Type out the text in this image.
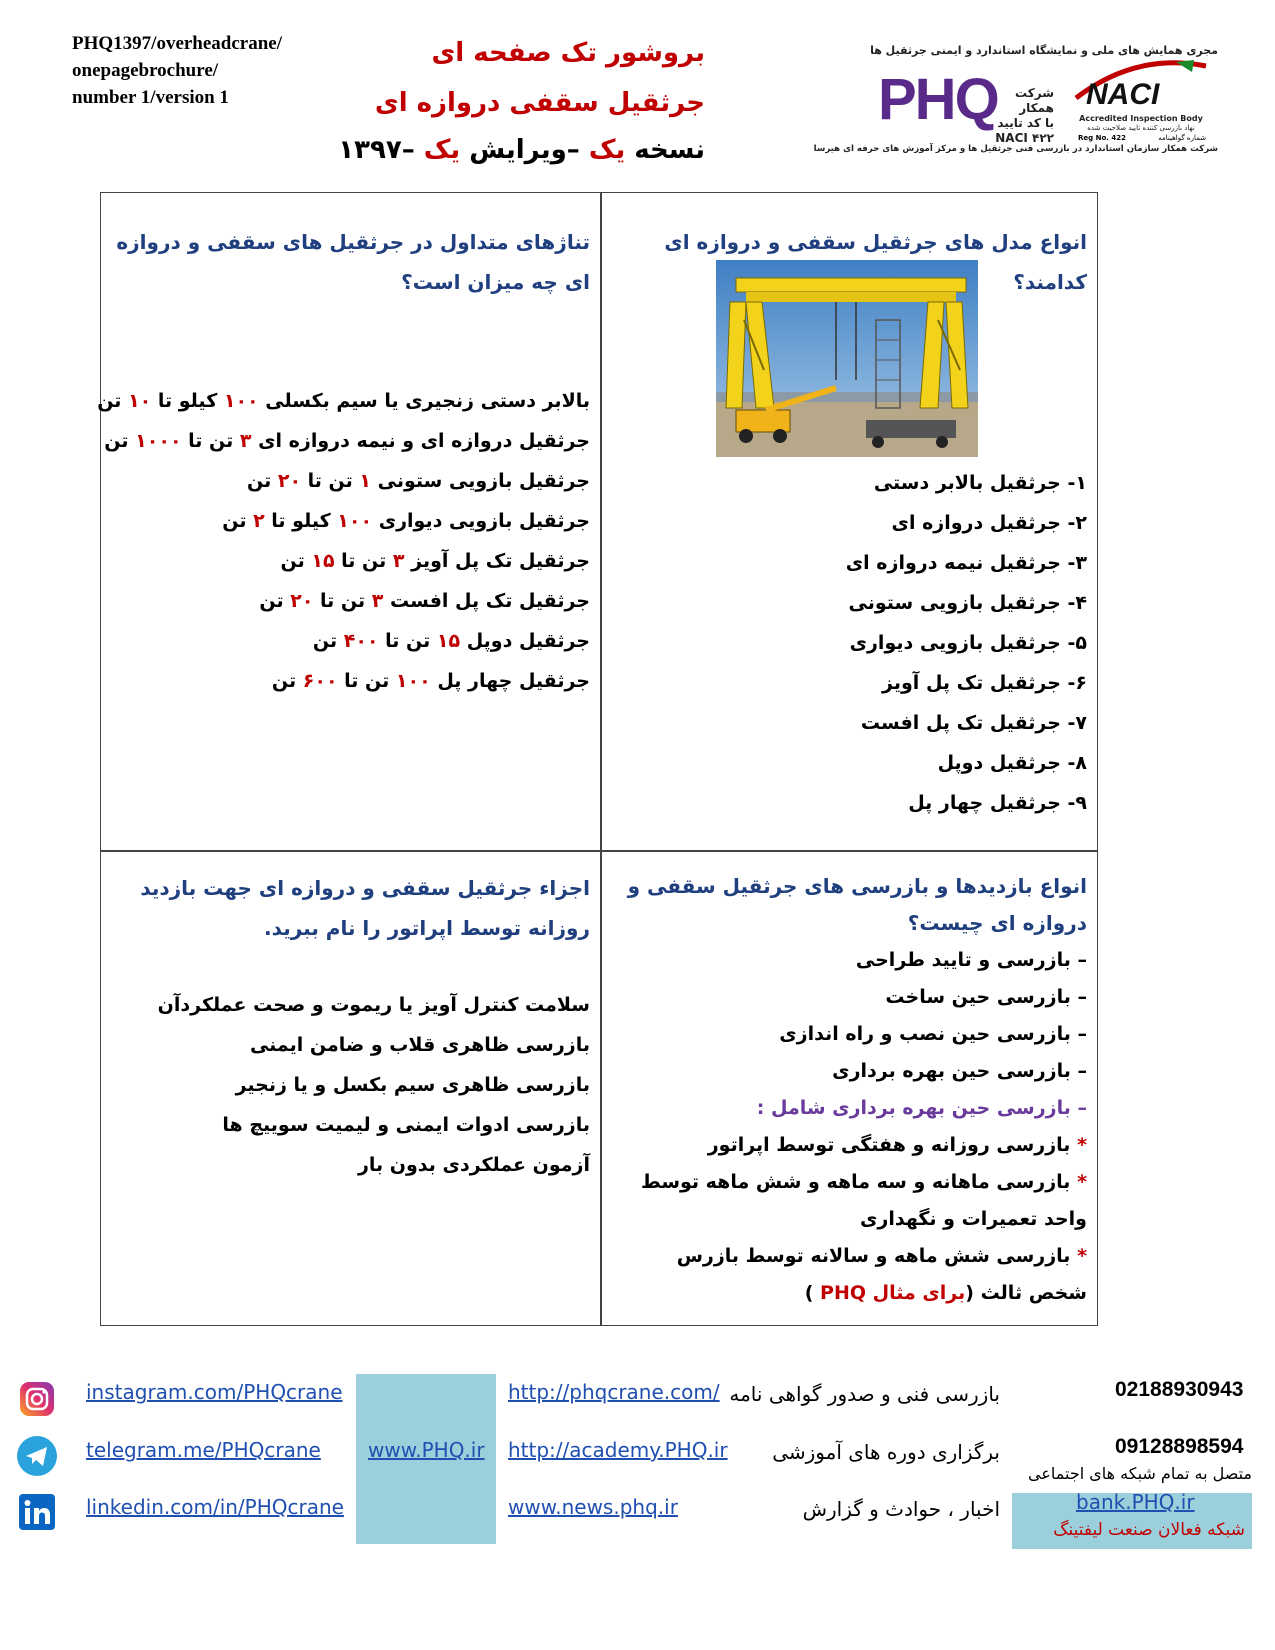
PHQ1397/overheadcrane/
onepagebrochure/
number 1/version 1
بروشور تک صفحه ای
جرثقیل سقفی دروازه ای
نسخه یک –ویرایش یک –۱۳۹۷
مجری همایش های ملی و نمایشگاه استاندارد و ایمنی جرثقیل ها
PHQ	شرکت همکار
با کد تایید
NACI ۴۲۲
NACI
Accredited Inspection Body
نهاد بازرسی کننده تایید صلاحیت شده
Reg No. 422	شماره گواهینامه
شرکت همکار سازمان استاندارد در بازرسی فنی جرثقیل ها و مرکز آموزش های حرفه ای هیرسا
انواع مدل های جرثقیل سقفی و دروازه ای کدامند؟
۱- جرثقیل بالابر دستی
۲- جرثقیل دروازه ای
۳- جرثقیل نیمه دروازه ای
۴- جرثقیل بازویی ستونی
۵- جرثقیل بازویی دیواری
۶- جرثقیل تک پل آویز
۷- جرثقیل تک پل افست
۸- جرثقیل دوپل
۹- جرثقیل چهار پل
تناژهای متداول در جرثقیل های سقفی و دروازه ای چه میزان است؟
بالابر دستی زنجیری یا سیم بکسلی ۱۰۰ کیلو تا ۱۰ تن
جرثقیل دروازه ای و نیمه دروازه ای ۳ تن تا ۱۰۰۰ تن
جرثقیل بازویی ستونی ۱ تن تا ۲۰ تن
جرثقیل بازویی دیواری ۱۰۰ کیلو تا ۲ تن
جرثقیل تک پل آویز ۳ تن تا ۱۵ تن
جرثقیل تک پل افست ۳ تن تا ۲۰ تن
جرثقیل دوپل ۱۵ تن تا ۴۰۰ تن
جرثقیل چهار پل ۱۰۰ تن تا ۶۰۰ تن
انواع بازدیدها و بازرسی های جرثقیل سقفی و دروازه ای چیست؟
– بازرسی و تایید طراحی
– بازرسی حین ساخت
– بازرسی حین نصب و راه اندازی
– بازرسی حین بهره برداری
– بازرسی حین بهره برداری شامل :
* بازرسی روزانه و هفتگی توسط اپراتور
* بازرسی ماهانه و سه ماهه و شش ماهه توسط واحد تعمیرات و نگهداری
* بازرسی شش ماهه و سالانه توسط بازرس شخص ثالث (برای مثال PHQ )
اجزاء جرثقیل سقفی و دروازه ای جهت بازدید روزانه توسط اپراتور را نام ببرید.
سلامت کنترل آویز یا ریموت و صحت عملکردآن
بازرسی ظاهری قلاب و ضامن ایمنی
بازرسی ظاهری سیم بکسل و یا زنجیر
بازرسی ادوات ایمنی و لیمیت سوییچ ها
آزمون عملکردی بدون بار
instagram.com/PHQcrane
telegram.me/PHQcrane
linkedin.com/in/PHQcrane
www.PHQ.ir
http://phqcrane.com/
http://academy.PHQ.ir
www.news.phq.ir
بازرسی فنی و صدور گواهی نامه
برگزاری دوره های آموزشی
اخبار ، حوادث و گزارش
02188930943
09128898594
متصل به تمام شبکه های اجتماعی
bank.PHQ.ir
شبکه فعالان صنعت لیفتینگ
